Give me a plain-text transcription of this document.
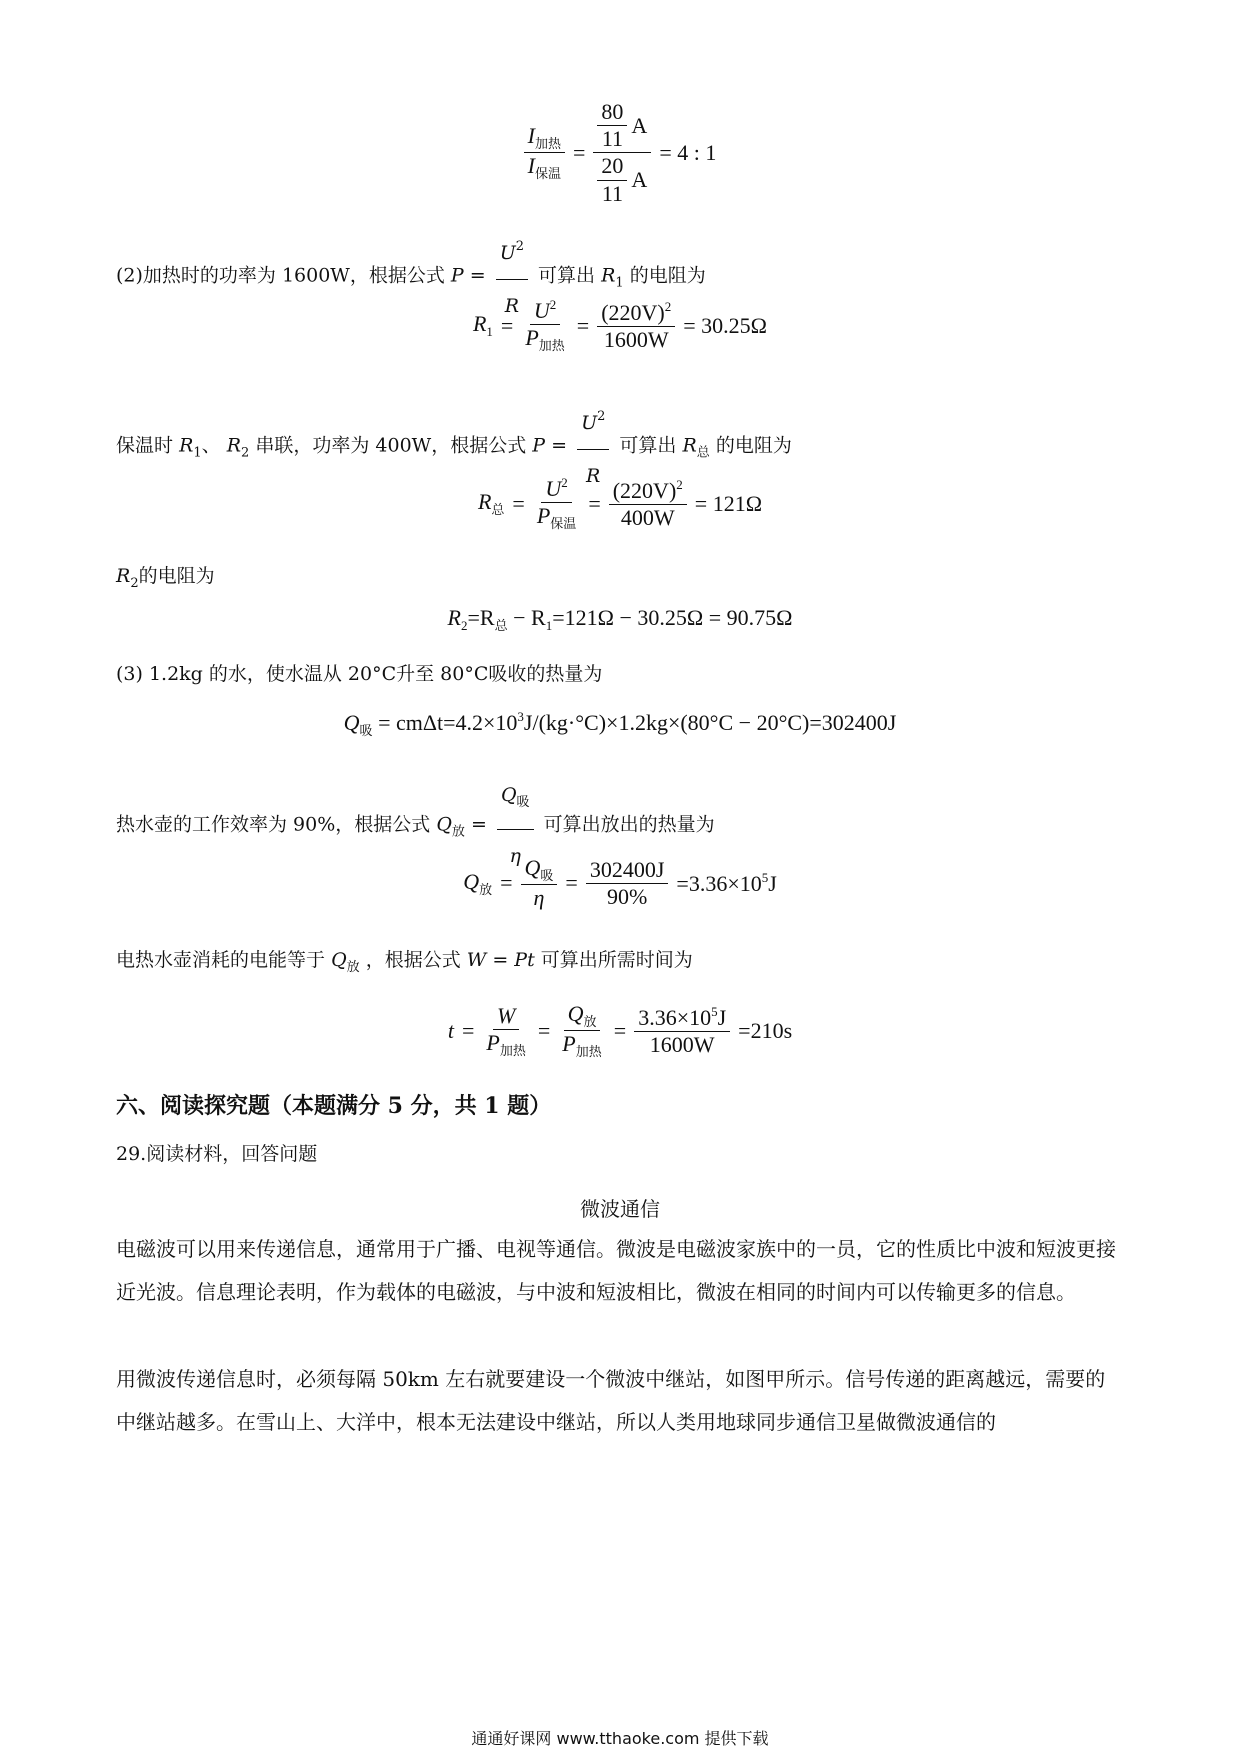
$\frac{I_{加热}}{I_{保温}} = \frac{\frac{80}{11} A}{\frac{20}{11} A} = 4$ : 1
(2)加热时的功率为 1600W，根据公式 $P = \frac{U^2}{R}$ 可算出 $R_1$ 的电阻为
$R_1 = \frac{U^2}{P_{加热}} = \frac{(220V)^2}{1600W} = 30.25\Omega$
保温时 $R_1$、 $R_2$ 串联，功率为 400W，根据公式 $P = \frac{U^2}{R}$ 可算出 $R_总$ 的电阻为
$R_总 = \frac{U^2}{P_{保温}} = \frac{(220V)^2}{400W} = 121\Omega$
$R_2$的电阻为
$R_2=R_总 - R_1=121\Omega - 30.25\Omega = 90.75\Omega$
(3) 1.2kg 的水，使水温从 20°C升至 80°C吸收的热量为
$Q_吸 = cm\Delta t=4.2\times 10^3J/(kg\cdot^\circ C)\times 1.2kg\times(80^\circ C - 20^\circ C)=302400J$
热水壶的工作效率为 90%，根据公式 $Q_放 = \frac{Q_吸}{\eta}$ 可算出放出的热量为
$Q_放 = \frac{Q_吸}{\eta} = \frac{302400J}{90\%} =3.36\times 10^5J$
电热水壶消耗的电能等于 $Q_放$ ，根据公式 W = Pt 可算出所需时间为
$t = \frac{W}{P_{加热}} = \frac{Q_放}{P_{加热}} = \frac{3.36\times 10^5J}{1600W} =210s$
六、阅读探究题（本题满分 5 分，共 1 题）
29.阅读材料，回答问题
微波通信
电磁波可以用来传递信息，通常用于广播、电视等通信。微波是电磁波家族中的一员，它的性质比中波和短波更接近光波。信息理论表明，作为载体的电磁波，与中波和短波相比，微波在相同的时间内可以传输更多的信息。
用微波传递信息时，必须每隔 50km 左右就要建设一个微波中继站，如图甲所示。信号传递的距离越远，需要的中继站越多。在雪山上、大洋中，根本无法建设中继站，所以人类用地球同步通信卫星做微波通信的
通通好课网 www.tthaoke.com 提供下载
